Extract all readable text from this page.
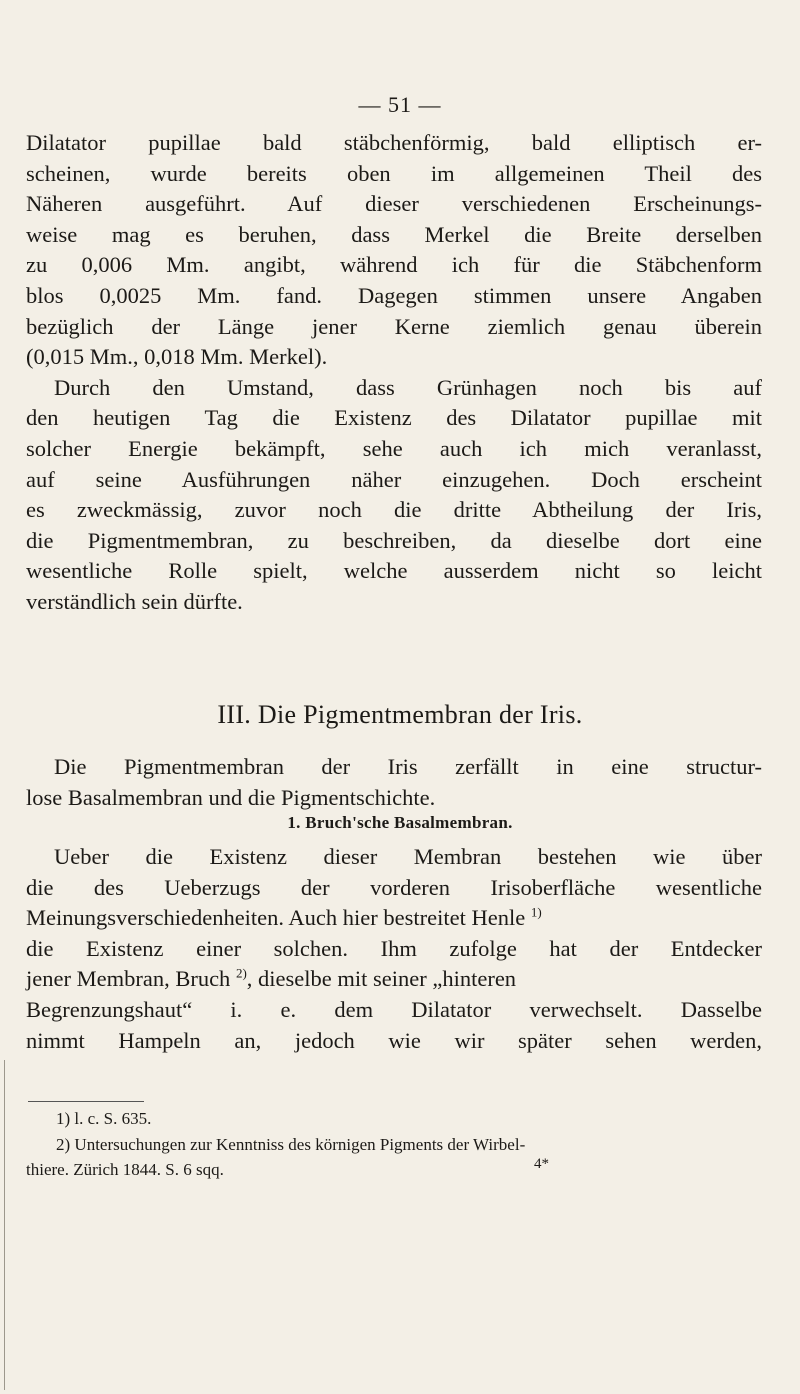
— 51 —
Dilatator pupillae bald stäbchenförmig, bald elliptisch er-
scheinen, wurde bereits oben im allgemeinen Theil des
Näheren ausgeführt. Auf dieser verschiedenen Erscheinungs-
weise mag es beruhen, dass Merkel die Breite derselben
zu 0,006 Mm. angibt, während ich für die Stäbchenform
blos 0,0025 Mm. fand. Dagegen stimmen unsere Angaben
bezüglich der Länge jener Kerne ziemlich genau überein
(0,015 Mm., 0,018 Mm. Merkel).
Durch den Umstand, dass Grünhagen noch bis auf
den heutigen Tag die Existenz des Dilatator pupillae mit
solcher Energie bekämpft, sehe auch ich mich veranlasst,
auf seine Ausführungen näher einzugehen. Doch erscheint
es zweckmässig, zuvor noch die dritte Abtheilung der Iris,
die Pigmentmembran, zu beschreiben, da dieselbe dort eine
wesentliche Rolle spielt, welche ausserdem nicht so leicht
verständlich sein dürfte.
III. Die Pigmentmembran der Iris.
Die Pigmentmembran der Iris zerfällt in eine structur-
lose Basalmembran und die Pigmentschichte.
1. Bruch'sche Basalmembran.
Ueber die Existenz dieser Membran bestehen wie über
die des Ueberzugs der vorderen Irisoberfläche wesentliche
Meinungsverschiedenheiten. Auch hier bestreitet Henle $^{1)}$
die Existenz einer solchen. Ihm zufolge hat der Entdecker
jener Membran, Bruch $^{2)}$, dieselbe mit seiner „hinteren
Begrenzungshaut“ i. e. dem Dilatator verwechselt. Dasselbe
nimmt Hampeln an, jedoch wie wir später sehen werden,
1) l. c. S. 635.
2) Untersuchungen zur Kenntniss des körnigen Pigments der Wirbel-
thiere. Zürich 1844. S. 6 sqq.	4*
